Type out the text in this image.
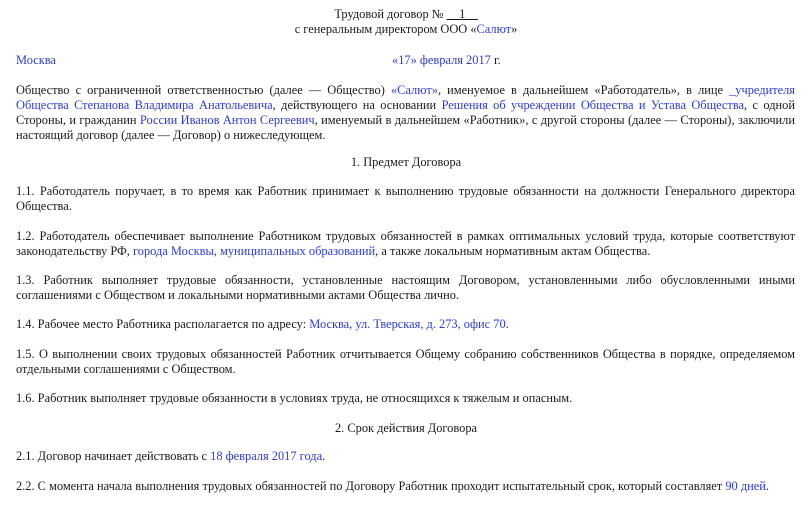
Трудовой договор № __1__
с генеральным директором ООО «Салют»
Москва	«17» февраля 2017 г.
Общество с ограниченной ответственностью (далее — Общество) «Салют», именуемое в дальнейшем «Работодатель», в лице _учредителя Общества Степанова Владимира Анатольевича, действующего на основании Решения об учреждении Общества и Устава Общества, с одной Стороны, и гражданин России Иванов Антон Сергеевич, именуемый в дальнейшем «Работник», с другой стороны (далее — Стороны), заключили настоящий договор (далее — Договор) о нижеследующем.
1. Предмет Договора
1.1. Работодатель поручает, в то время как Работник принимает к выполнению трудовые обязанности на должности Генерального директора Общества.
1.2. Работодатель обеспечивает выполнение Работником трудовых обязанностей в рамках оптимальных условий труда, которые соответствуют законодательству РФ, города Москвы, муниципальных образований, а также локальным нормативным актам Общества.
1.3. Работник выполняет трудовые обязанности, установленные настоящим Договором, установленными либо обусловленными иными соглашениями с Обществом и локальными нормативными актами Общества лично.
1.4. Рабочее место Работника располагается по адресу: Москва, ул. Тверская, д. 273, офис 70.
1.5. О выполнении своих трудовых обязанностей Работник отчитывается Общему собранию собственников Общества в порядке, определяемом отдельными соглашениями с Обществом.
1.6. Работник выполняет трудовые обязанности в условиях труда, не относящихся к тяжелым и опасным.
2. Срок действия Договора
2.1. Договор начинает действовать с 18 февраля 2017 года.
2.2. С момента начала выполнения трудовых обязанностей по Договору Работник проходит испытательный срок, который составляет 90 дней.
